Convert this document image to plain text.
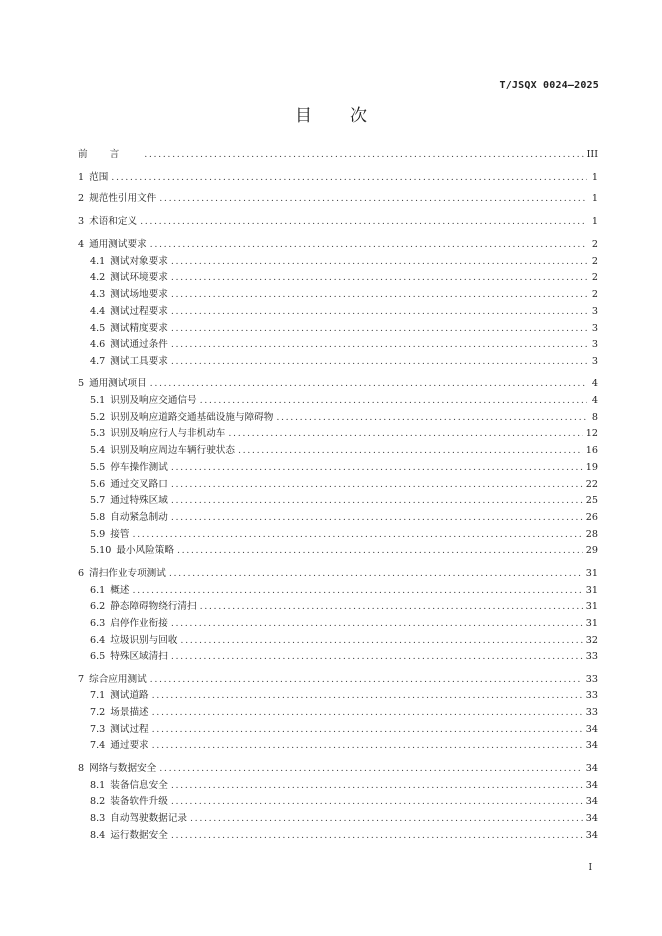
T/JSQX 0024—2025
目 次
前言 .....	III
1 范围 .....	1
2 规范性引用文件 .....	1
3 术语和定义 .....	1
4 通用测试要求 .....	2
4.1 测试对象要求 .....	2
4.2 测试环境要求 .....	2
4.3 测试场地要求 .....	2
4.4 测试过程要求 .....	3
4.5 测试精度要求 .....	3
4.6 测试通过条件 .....	3
4.7 测试工具要求 .....	3
5 通用测试项目 .....	4
5.1 识别及响应交通信号 .....	4
5.2 识别及响应道路交通基础设施与障碍物 .....	8
5.3 识别及响应行人与非机动车 .....	12
5.4 识别及响应周边车辆行驶状态 .....	16
5.5 停车操作测试 .....	19
5.6 通过交叉路口 .....	22
5.7 通过特殊区域 .....	25
5.8 自动紧急制动 .....	26
5.9 接管 .....	28
5.10 最小风险策略 .....	29
6 清扫作业专项测试 .....	31
6.1 概述 .....	31
6.2 静态障碍物绕行清扫 .....	31
6.3 启停作业衔接 .....	31
6.4 垃圾识别与回收 .....	32
6.5 特殊区域清扫 .....	33
7 综合应用测试 .....	33
7.1 测试道路 .....	33
7.2 场景描述 .....	33
7.3 测试过程 .....	34
7.4 通过要求 .....	34
8 网络与数据安全 .....	34
8.1 装备信息安全 .....	34
8.2 装备软件升级 .....	34
8.3 自动驾驶数据记录 .....	34
8.4 运行数据安全 .....	34
I
